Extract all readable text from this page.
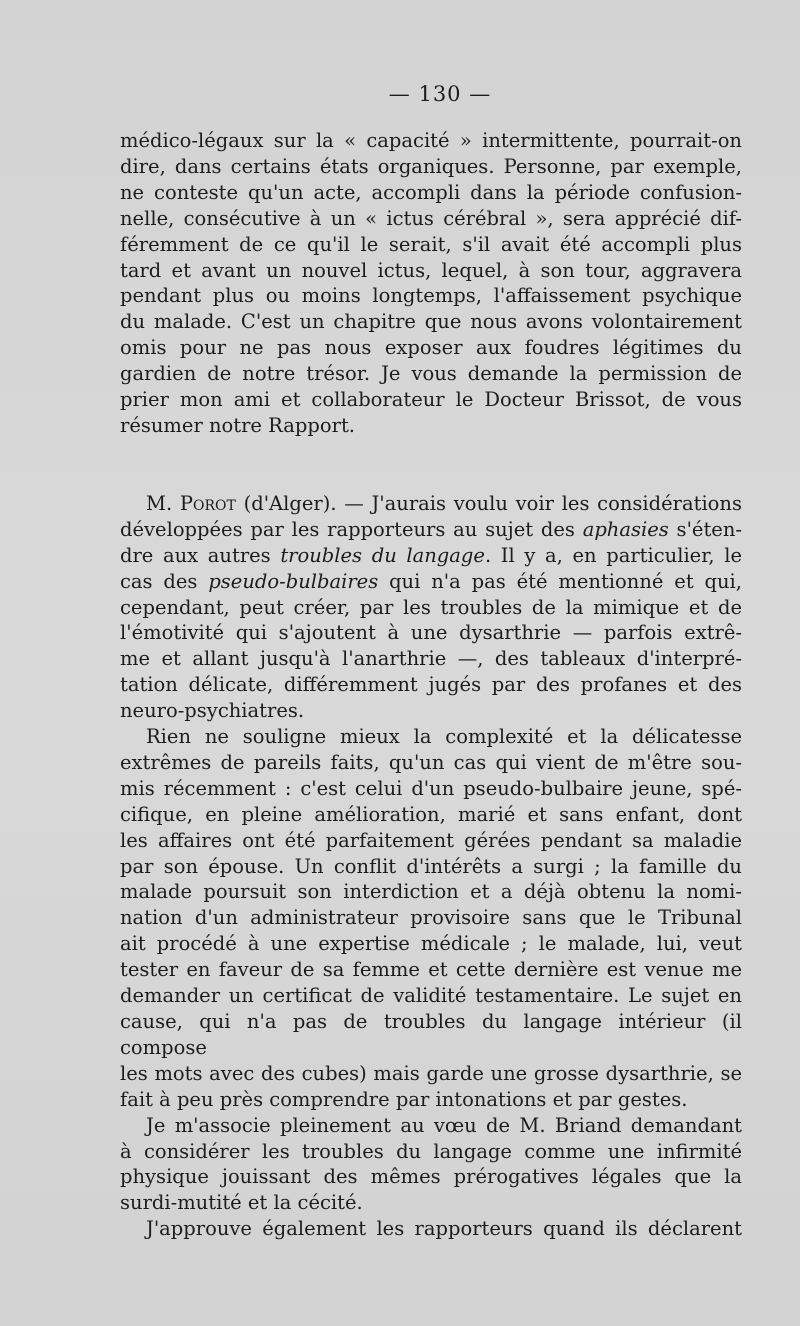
— 130 —
médico-légaux sur la « capacité » intermittente, pourrait-on
dire, dans certains états organiques. Personne, par exemple,
ne conteste qu'un acte, accompli dans la période confusion-
nelle, consécutive à un « ictus cérébral », sera apprécié dif-
féremment de ce qu'il le serait, s'il avait été accompli plus
tard et avant un nouvel ictus, lequel, à son tour, aggravera
pendant plus ou moins longtemps, l'affaissement psychique
du malade. C'est un chapitre que nous avons volontairement
omis pour ne pas nous exposer aux foudres légitimes du
gardien de notre trésor. Je vous demande la permission de
prier mon ami et collaborateur le Docteur Brissot, de vous
résumer notre Rapport.
M. Porot (d'Alger). — J'aurais voulu voir les considérations
développées par les rapporteurs au sujet des aphasies s'éten-
dre aux autres troubles du langage. Il y a, en particulier, le
cas des pseudo-bulbaires qui n'a pas été mentionné et qui,
cependant, peut créer, par les troubles de la mimique et de
l'émotivité qui s'ajoutent à une dysarthrie — parfois extrê-
me et allant jusqu'à l'anarthrie —, des tableaux d'interpré-
tation délicate, différemment jugés par des profanes et des
neuro-psychiatres.
Rien ne souligne mieux la complexité et la délicatesse
extrêmes de pareils faits, qu'un cas qui vient de m'être sou-
mis récemment : c'est celui d'un pseudo-bulbaire jeune, spé-
cifique, en pleine amélioration, marié et sans enfant, dont
les affaires ont été parfaitement gérées pendant sa maladie
par son épouse. Un conflit d'intérêts a surgi ; la famille du
malade poursuit son interdiction et a déjà obtenu la nomi-
nation d'un administrateur provisoire sans que le Tribunal
ait procédé à une expertise médicale ; le malade, lui, veut
tester en faveur de sa femme et cette dernière est venue me
demander un certificat de validité testamentaire. Le sujet en
cause, qui n'a pas de troubles du langage intérieur (il compose
les mots avec des cubes) mais garde une grosse dysarthrie, se
fait à peu près comprendre par intonations et par gestes.
Je m'associe pleinement au vœu de M. Briand demandant
à considérer les troubles du langage comme une infirmité
physique jouissant des mêmes prérogatives légales que la
surdi-mutité et la cécité.
J'approuve également les rapporteurs quand ils déclarent
